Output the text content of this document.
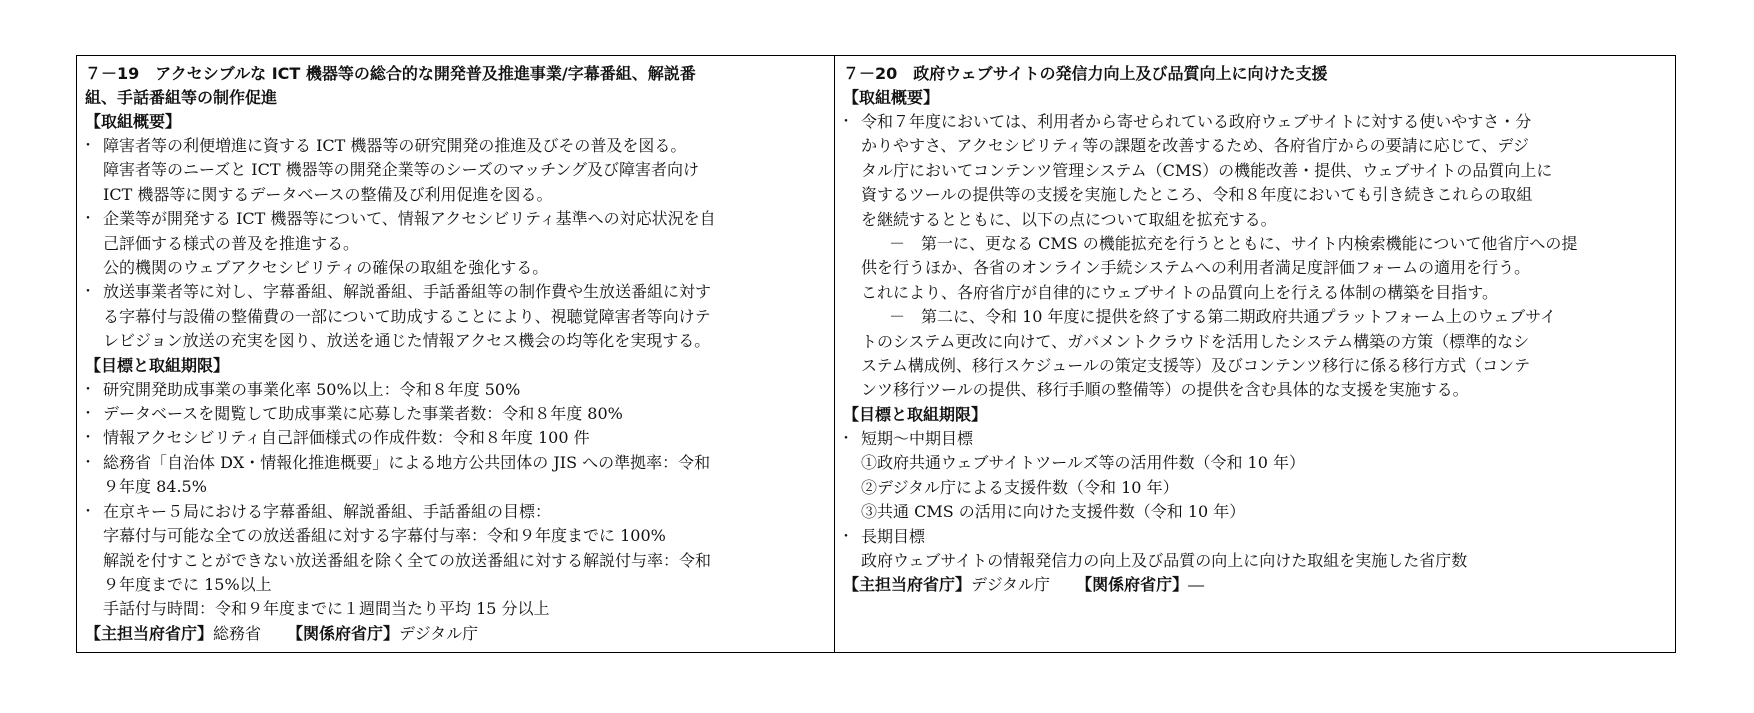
７－19　アクセシブルな ICT 機器等の総合的な開発普及推進事業/字幕番組、解説番
組、手話番組等の制作促進
【取組概要】
・ 障害者等の利便増進に資する ICT 機器等の研究開発の推進及びその普及を図る。
障害者等のニーズと ICT 機器等の開発企業等のシーズのマッチング及び障害者向け
ICT 機器等に関するデータベースの整備及び利用促進を図る。
・ 企業等が開発する ICT 機器等について、情報アクセシビリティ基準への対応状況を自
己評価する様式の普及を推進する。
公的機関のウェブアクセシビリティの確保の取組を強化する。
・ 放送事業者等に対し、字幕番組、解説番組、手話番組等の制作費や生放送番組に対す
る字幕付与設備の整備費の一部について助成することにより、視聴覚障害者等向けテ
レビジョン放送の充実を図り、放送を通じた情報アクセス機会の均等化を実現する。
【目標と取組期限】
・ 研究開発助成事業の事業化率 50%以上：令和８年度 50%
・ データベースを閲覧して助成事業に応募した事業者数：令和８年度 80%
・ 情報アクセシビリティ自己評価様式の作成件数：令和８年度 100 件
・ 総務省「自治体 DX・情報化推進概要」による地方公共団体の JIS への準拠率：令和
９年度 84.5%
・ 在京キー５局における字幕番組、解説番組、手話番組の目標：
字幕付与可能な全ての放送番組に対する字幕付与率：令和９年度までに 100%
解説を付すことができない放送番組を除く全ての放送番組に対する解説付与率：令和
９年度までに 15%以上
手話付与時間：令和９年度までに１週間当たり平均 15 分以上
【主担当府省庁】総務省 【関係府省庁】デジタル庁
７－20　政府ウェブサイトの発信力向上及び品質向上に向けた支援
【取組概要】
・ 令和７年度においては、利用者から寄せられている政府ウェブサイトに対する使いやすさ・分
かりやすさ、アクセシビリティ等の課題を改善するため、各府省庁からの要請に応じて、デジ
タル庁においてコンテンツ管理システム（CMS）の機能改善・提供、ウェブサイトの品質向上に
資するツールの提供等の支援を実施したところ、令和８年度においても引き続きこれらの取組
を継続するとともに、以下の点について取組を拡充する。
－　第一に、更なる CMS の機能拡充を行うとともに、サイト内検索機能について他省庁への提
供を行うほか、各省のオンライン手続システムへの利用者満足度評価フォームの適用を行う。
これにより、各府省庁が自律的にウェブサイトの品質向上を行える体制の構築を目指す。
－　第二に、令和 10 年度に提供を終了する第二期政府共通プラットフォーム上のウェブサイ
トのシステム更改に向けて、ガバメントクラウドを活用したシステム構築の方策（標準的なシ
ステム構成例、移行スケジュールの策定支援等）及びコンテンツ移行に係る移行方式（コンテ
ンツ移行ツールの提供、移行手順の整備等）の提供を含む具体的な支援を実施する。
【目標と取組期限】
・ 短期～中期目標
①政府共通ウェブサイトツールズ等の活用件数（令和 10 年）
②デジタル庁による支援件数（令和 10 年）
③共通 CMS の活用に向けた支援件数（令和 10 年）
・ 長期目標
政府ウェブサイトの情報発信力の向上及び品質の向上に向けた取組を実施した省庁数
【主担当府省庁】デジタル庁 【関係府省庁】―
